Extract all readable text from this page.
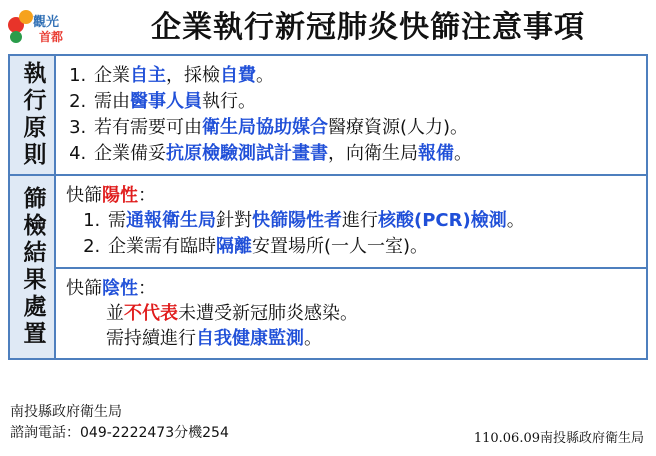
觀光
首都	企業執行新冠肺炎快篩注意事項
執行原則	1. 企業自主，採檢自費。
2. 需由醫事人員執行。
3. 若有需要可由衛生局協助媒合醫療資源(人力)。
4. 企業備妥抗原檢驗測試計畫書，向衛生局報備。
篩檢結果處置 快篩陽性：

1. 需通報衛生局針對快篩陽性者進行核酸(PCR)檢測。
2. 企業需有臨時隔離安置場所(一人一室)。

快篩陰性：

並不代表未遭受新冠肺炎感染。

需持續進行自我健康監測。

南投縣政府衛生局
諮詢電話：049-2222473分機254	110.06.09南投縣政府衛生局
